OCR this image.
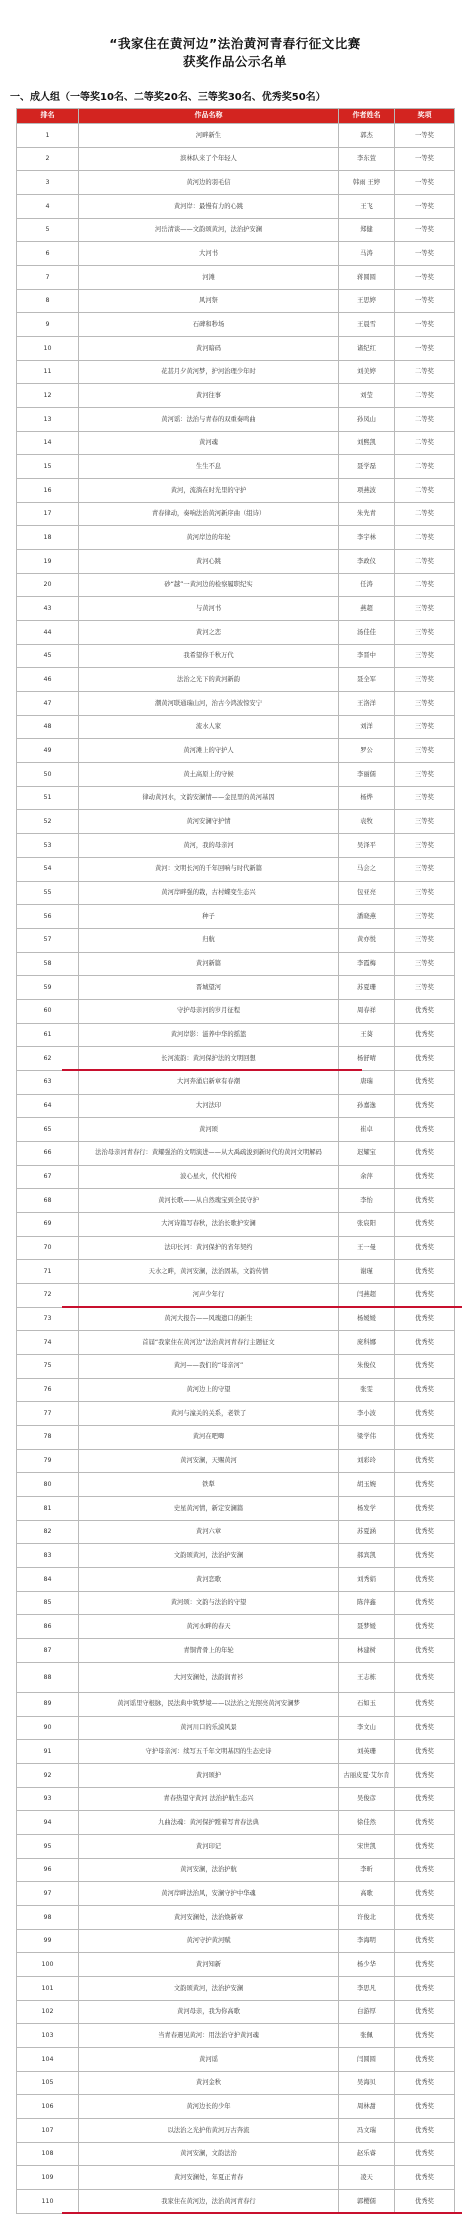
“我家住在黄河边”法治黄河青春行征文比赛
获奖作品公示名单
一、成人组（一等奖10名、二等奖20名、三等奖30名、优秀奖50名）
排名	作品名称	作者姓名	奖项
1	河畔新生	郭杰	一等奖
2	滨林队来了个年轻人	李东萱	一等奖
3	黄河边的羽毛信	韩雨 王婷	一等奖
4	黄河岸：最慢有力的心跳	王飞	一等奖
5	河岳清谈——文韵颂黄河，法治护安澜	郑健	一等奖
6	大河书	马涛	一等奖
7	河滩	蒋圆圆	一等奖
8	风河祭	王思婷	一等奖
9	石碑和秒场	王晨雪	一等奖
10	黄河暗码	诸纪红	一等奖
11	花甚月夕黄河梦，护河治理少年时	刘美婷	二等奖
12	黄河往事	刘莹	二等奖
13	黄河谣：法治与青春的双重奏鸣曲	孙凤山	二等奖
14	黄河魂	刘熙凯	二等奖
15	生生不息	聂学磊	二等奖
16	黄河，流淌在时光里的守护	项燕波	二等奖
17	青春律动，奏响法治黄河新序曲（组诗）	朱先青	二等奖
18	黄河岸边的年轮	李宇林	二等奖
19	黄河心跳	李政仪	二等奖
20	砂“越”一黄河边的检察履职纪实	任涛	二等奖
43	与黄河书	燕超	三等奖
44	黄河之恋	汤佳佳	三等奖
45	我希望你千秋万代	李晋中	三等奖
46	法治之光下的黄河新韵	聂全军	三等奖
47	潮黄河联通瑞山河，治古今鸿波惊安宁	王洛洋	三等奖
48	流水人家	刘洋	三等奖
49	黄河滩上的守护人	罗公	三等奖
50	黄土高原上的守候	李丽儒	三等奖
51	律动黄河水，文韵安澜情——金昆里的黄河基因	杨烨	三等奖
52	黄河安澜守护情	袁牧	三等奖
53	黄河，我的母亲河	吴泽平	三等奖
54	黄河：文明长河的千年回响与时代新篇	马会之	三等奖
55	黄河岸畔强的栽，古村蝶变生态兴	包亚亮	三等奖
56	种子	潘晓燕	三等奖
57	归航	黄亦悦	三等奖
58	黄河新篇	李霞梅	三等奖
59	晋城望河	苏夏珊	三等奖
60	守护母亲河的岁月征程	周春祥	优秀奖
61	黄河岸影：滋养中华的摇篮	王葵	优秀奖
62	长河流韵：黄河保护法的文明回想	杨舒晴	优秀奖
63	大河奔涌启新章有春潮	唐瑞	优秀奖
64	大河法印	孙嘉逸	优秀奖
65	黄河颂	崔卓	优秀奖
66	法治母亲河青春行：黄耀强治的文明演进——从大禹疏浚到新时代的黄河文明解码	迟耀宝	优秀奖
67	波心星火，代代相传	余萍	优秀奖
68	黄河长歌——从自然瑰宝到全民守护	李怡	优秀奖
69	大河诗篇写春秋，法治长歌护安澜	张宸阳	优秀奖
70	法印长河：黄河保护的省年契约	王一曼	优秀奖
71	天水之畔，黄河安澜，法治固基，文韵传情	谢瑾	优秀奖
72	河声少年行	闫燕超	优秀奖
73	黄河大报告——风瑰遗口的新生	杨媛媛	优秀奖
74	首届“我家住在黄河边”法治黄河青春行主题征文	庞科娜	优秀奖
75	黄河——我们的“母亲河”	朱俊仪	优秀奖
76	黄河边上的守望	张雯	优秀奖
77	黄河与潼关的关系，老铁了	李小波	优秀奖
78	黄河在吧唧	梁学伟	优秀奖
79	黄河安澜，天赐黄河	刘彩玲	优秀奖
80	铁犁	胡玉婉	优秀奖
81	史星黄河情，新定安澜篇	杨发学	优秀奖
82	黄河六章	苏夏涵	优秀奖
83	文韵颂黄河，法治护安澜	郝宾凯	优秀奖
84	黄河恋歌	刘秀娟	优秀奖
85	黄河颂：文韵与法治的守望	陈萍鑫	优秀奖
86	黄河水畔的春天	聂梦媛	优秀奖
87	青铜背骨上的年轮	林建树	优秀奖
88	大河安澜处，法韵润青衫	王志栋	优秀奖
89	黄河谣里守根脉，民法典中筑梦境——以法治之光照亮黄河安澜梦	石如玉	优秀奖
90	黄河川口的乐漠风景	李文山	优秀奖
91	守护母亲河：续写五千年文明基因的生态史诗	刘英珊	优秀奖
92	黄河颂护	古丽皮夏·艾尔肯	优秀奖
93	青春热望守黄河 法治护航生态兴	吴俊彦	优秀奖
94	九曲法魂：黄河保护蹚着写青春法典	徐佳然	优秀奖
95	黄河印记	宋世凯	优秀奖
96	黄河安澜，法治护航	李昕	优秀奖
97	黄河岸畔法治风，安澜守护中华魂	高歌	优秀奖
98	黄河安澜处，法治焕新章	许俊北	优秀奖
99	黄河守护黄河赋	李海明	优秀奖
100	黄河知新	杨少华	优秀奖
101	文韵颂黄河，法治护安澜	李思凡	优秀奖
102	黄河母亲，我为你高歌	白游厚	优秀奖
103	当青春遇见黄河：用法治守护黄河魂	张佩	优秀奖
104	黄河谣	闫圆圆	优秀奖
105	黄河金秋	吴海贝	优秀奖
106	黄河边长的少年	周林甜	优秀奖
107	以法治之光护佑黄河万古奔流	冯文瑞	优秀奖
108	黄河安澜，文韵法治	赵乐睿	优秀奖
109	黄河安澜处，年夏正青春	凌天	优秀奖
110	我家住在黄河边，法治黄河青春行	郭樱儒	优秀奖
